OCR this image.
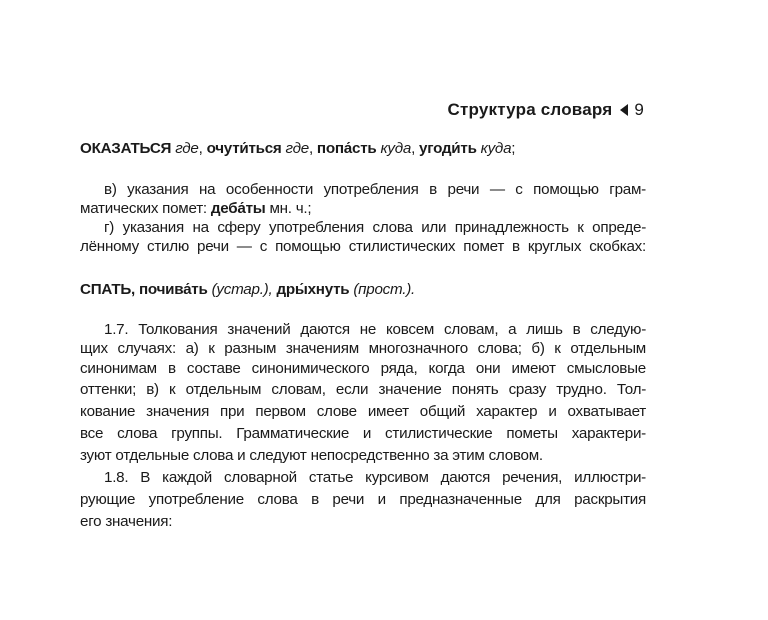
Структура словаря 9
ОКАЗАТЬСЯ где, очути́ться где, попа́сть куда, угоди́ть куда;
в) указания на особенности употребления в речи — с помощью грам-
матических помет: деба́ты мн. ч.;
г) указания на сферу употребления слова или принадлежность к опреде-
лённому стилю речи — с помощью стилистических помет в круглых скобках:
СПАТЬ, почива́ть (устар.), дры́хнуть (прост.).
1.7. Толкования значений даются не ковсем словам, а лишь в следую-
щих случаях: а) к разным значениям многозначного слова; б) к отдельным
синонимам в составе синонимического ряда, когда они имеют смысловые
оттенки; в) к отдельным словам, если значение понять сразу трудно. Тол-
кование значения при первом слове имеет общий характер и охватывает
все слова группы. Грамматические и стилистические пометы характери-
зуют отдельные слова и следуют непосредственно за этим словом.
1.8. В каждой словарной статье курсивом даются речения, иллюстри-
рующие употребление слова в речи и предназначенные для раскрытия
его значения:
